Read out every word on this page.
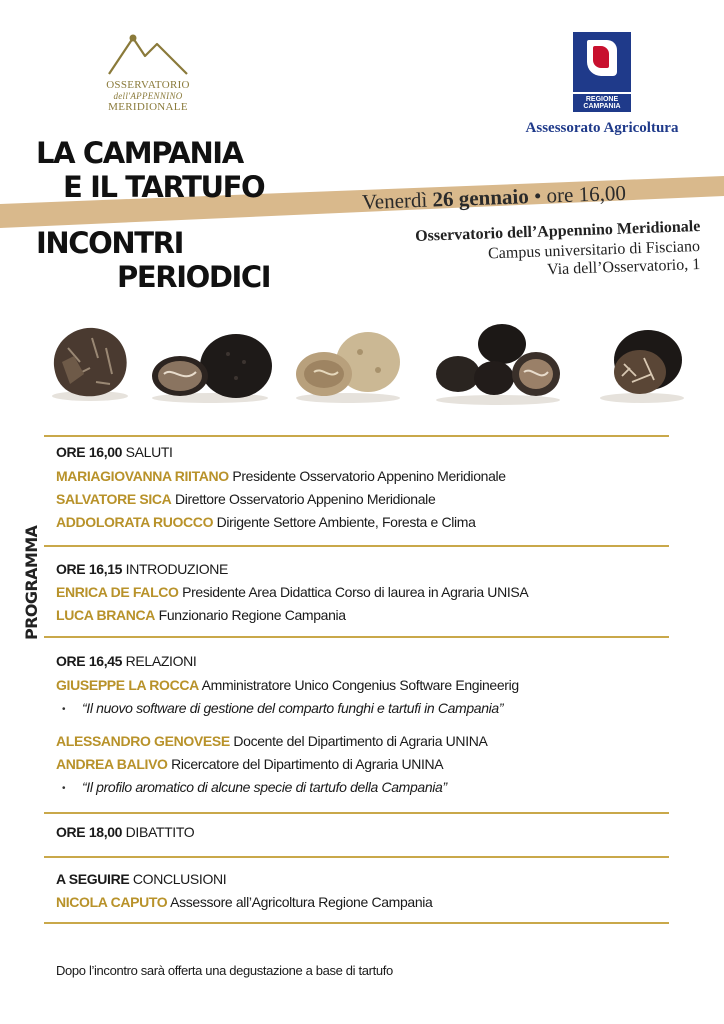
OSSERVATORIO
dell'APPENNINO
MERIDIONALE
REGIONE CAMPANIA
Assessorato Agricoltura
LA CAMPANIA
E IL TARTUFO
INCONTRI
PERIODICI
Venerdì 26 gennaio • ore 16,00
Osservatorio dell’Appennino Meridionale
Campus universitario di Fisciano
Via dell’Osservatorio, 1
PROGRAMMA
ORE 16,00 SALUTI
MARIAGIOVANNA RIITANO Presidente Osservatorio Appenino Meridionale
SALVATORE SICA Direttore Osservatorio Appenino Meridionale
ADDOLORATA RUOCCO Dirigente Settore Ambiente, Foresta e Clima
ORE 16,15 INTRODUZIONE
ENRICA DE FALCO Presidente Area Didattica Corso di laurea in Agraria UNISA
LUCA BRANCA Funzionario Regione Campania
ORE 16,45 RELAZIONI
GIUSEPPE LA ROCCA Amministratore Unico Congenius Software Engineerig
• “Il nuovo software di gestione del comparto funghi e tartufi in Campania”
ALESSANDRO GENOVESE Docente del Dipartimento di Agraria UNINA
ANDREA BALIVO Ricercatore del Dipartimento di Agraria UNINA
• “Il profilo aromatico di alcune specie di tartufo della Campania”
ORE 18,00 DIBATTITO
A SEGUIRE CONCLUSIONI
NICOLA CAPUTO Assessore all’Agricoltura Regione Campania
Dopo l’incontro sarà offerta una degustazione a base di tartufo
